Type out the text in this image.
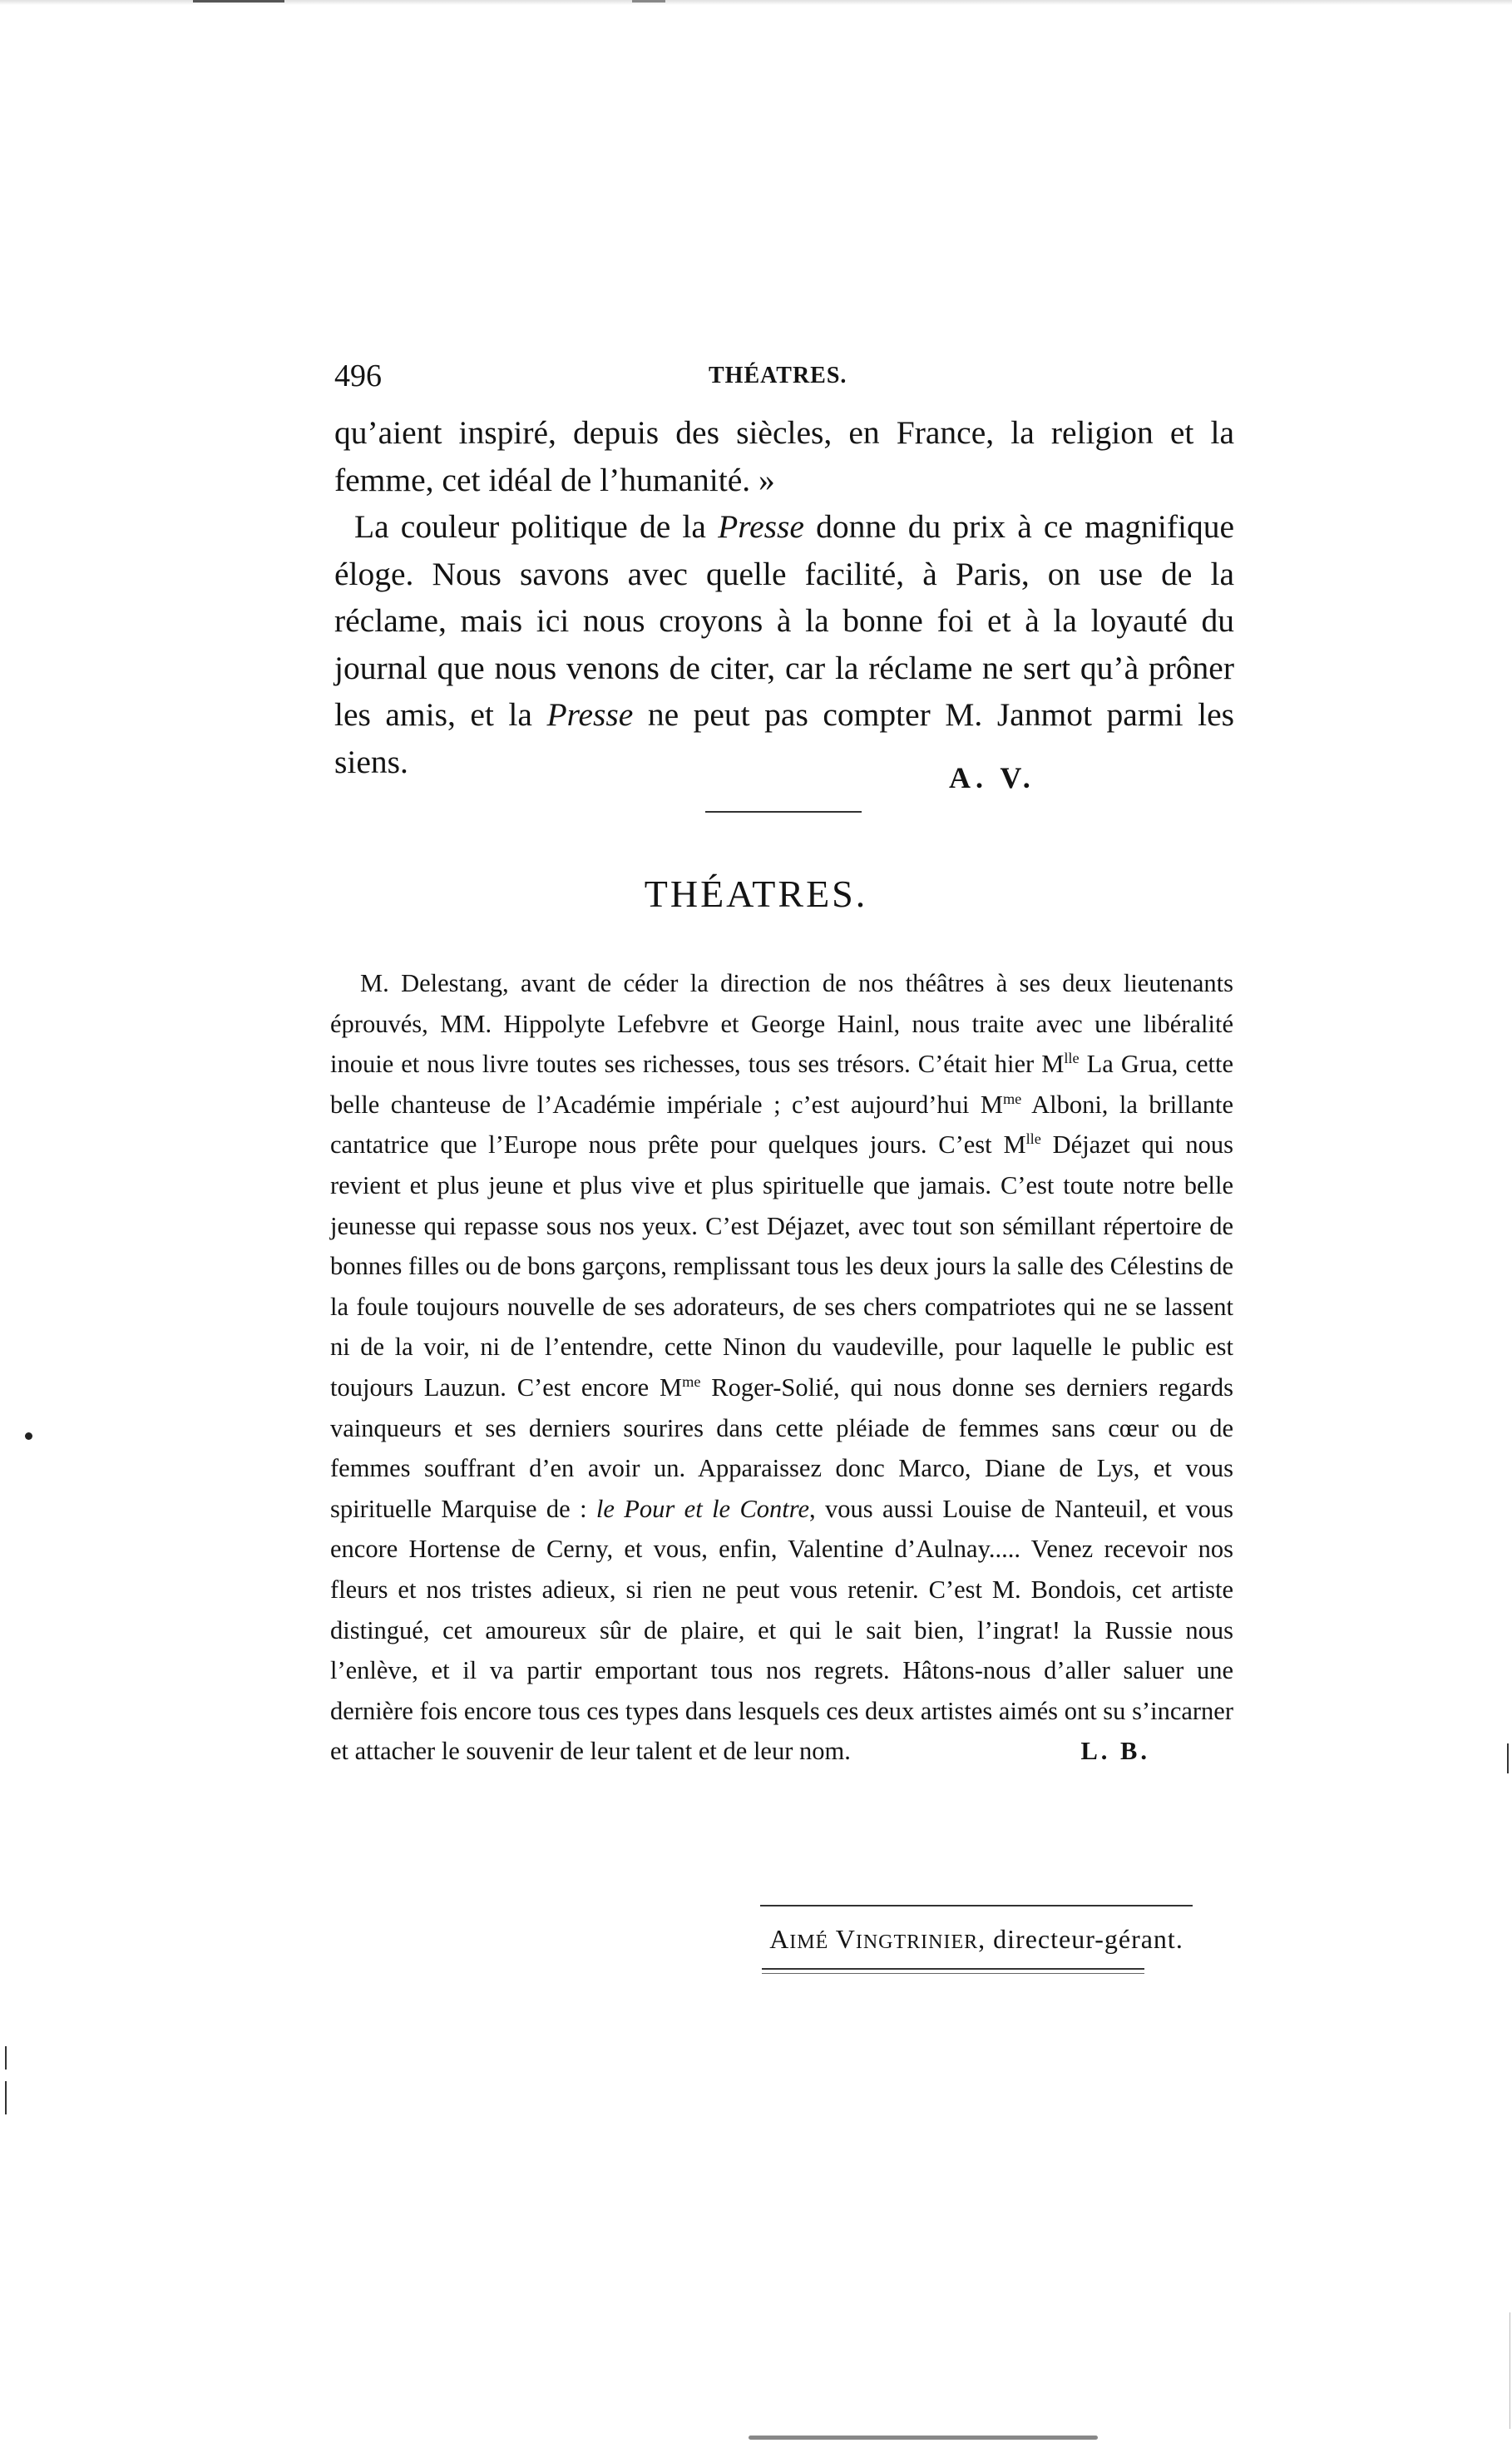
496	THÉATRES.

qu’aient inspiré, depuis des siècles, en France, la religion et la femme, cet idéal de l’humanité. »

La couleur politique de la Presse donne du prix à ce magnifique éloge. Nous savons avec quelle facilité, à Paris, on use de la réclame, mais ici nous croyons à la bonne foi et à la loyauté du journal que nous venons de citer, car la réclame ne sert qu’à prôner les amis, et la Presse ne peut pas compter M. Janmot parmi les siens.	A. V.
THÉATRES.

M. Delestang, avant de céder la direction de nos théâtres à ses deux lieutenants éprouvés, MM. Hippolyte Lefebvre et George Hainl, nous traite avec une libéralité inouie et nous livre toutes ses richesses, tous ses trésors. C’était hier $M^{lle}$ La Grua, cette belle chanteuse de l’Académie impériale ; c’est aujourd’hui $M^{me}$ Alboni, la brillante cantatrice que l’Europe nous prête pour quelques jours. C’est $M^{lle}$ Déjazet qui nous revient et plus jeune et plus vive et plus spirituelle que jamais. C’est toute notre belle jeunesse qui repasse sous nos yeux. C’est Déjazet, avec tout son sémillant répertoire de bonnes filles ou de bons garçons, remplissant tous les deux jours la salle des Célestins de la foule toujours nouvelle de ses adorateurs, de ses chers compatriotes qui ne se lassent ni de la voir, ni de l’entendre, cette Ninon du vaudeville, pour laquelle le public est toujours Lauzun. C’est encore $M^{me}$ Roger-Solié, qui nous donne ses derniers regards vainqueurs et ses derniers sourires dans cette pléiade de femmes sans cœur ou de femmes souffrant d’en avoir un. Apparaissez donc Marco, Diane de Lys, et vous spirituelle Marquise de : le Pour et le Contre, vous aussi Louise de Nanteuil, et vous encore Hortense de Cerny, et vous, enfin, Valentine d’Aulnay..... Venez recevoir nos fleurs et nos tristes adieux, si rien ne peut vous retenir. C’est M. Bondois, cet artiste distingué, cet amoureux sûr de plaire, et qui le sait bien, l’ingrat! la Russie nous l’enlève, et il va partir emportant tous nos regrets. Hâtons-nous d’aller saluer une dernière fois encore tous ces types dans lesquels ces deux artistes aimés ont su s’incarner et attacher le souvenir de leur talent et de leur nom.	L. B.

AIMÉ VINGTRINIER, directeur-gérant.
